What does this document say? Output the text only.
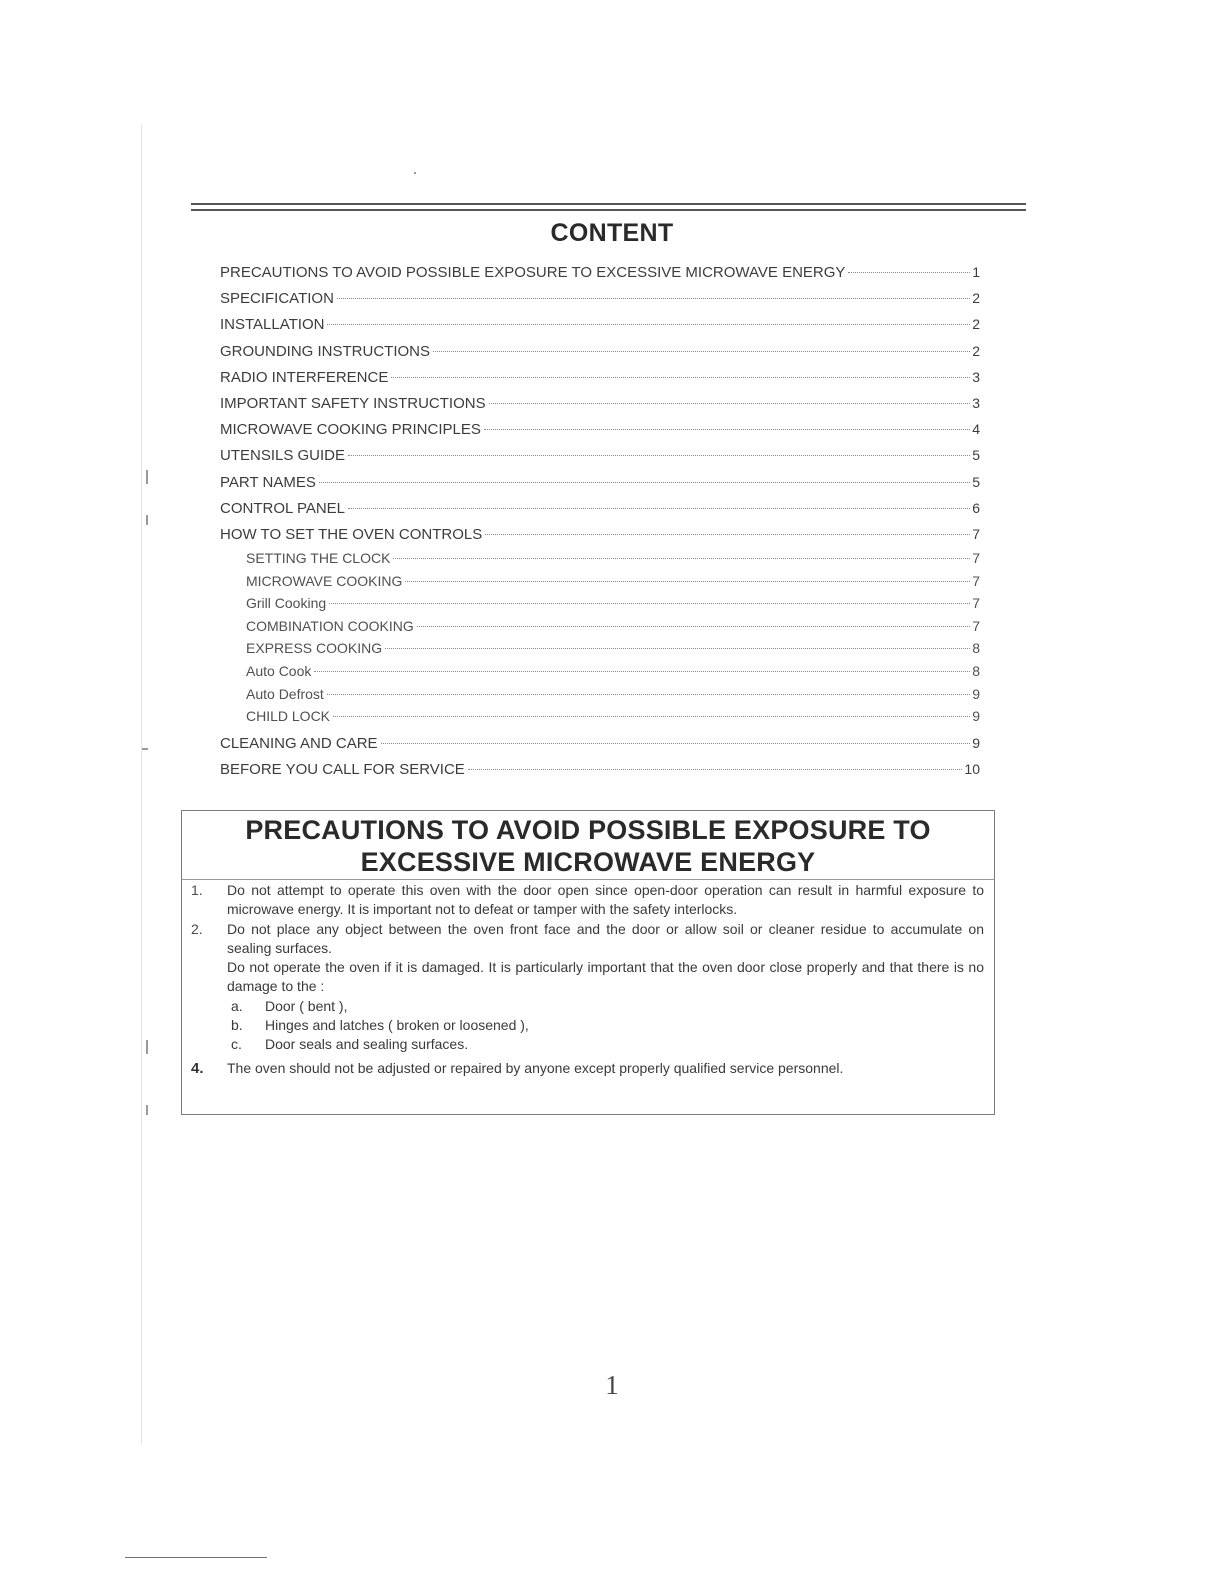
CONTENT
PRECAUTIONS TO AVOID POSSIBLE EXPOSURE TO EXCESSIVE MICROWAVE ENERGY	1
SPECIFICATION	2
INSTALLATION	2
GROUNDING INSTRUCTIONS	2
RADIO INTERFERENCE	3
IMPORTANT SAFETY INSTRUCTIONS	3
MICROWAVE COOKING PRINCIPLES	4
UTENSILS GUIDE	5
PART NAMES	5
CONTROL PANEL	6
HOW TO SET THE OVEN CONTROLS	7
SETTING THE CLOCK	7
MICROWAVE COOKING	7
Grill Cooking	7
COMBINATION COOKING	7
EXPRESS COOKING	8
Auto Cook	8
Auto Defrost	9
CHILD LOCK	9
CLEANING AND CARE	9
BEFORE YOU CALL FOR SERVICE	10
PRECAUTIONS TO AVOID POSSIBLE EXPOSURE TO
EXCESSIVE MICROWAVE ENERGY
1.	Do not attempt to operate this oven with the door open since open-door operation can result in harmful exposure to microwave energy. It is important not to defeat or tamper with the safety interlocks.

2.	Do not place any object between the oven front face and the door or allow soil or cleaner residue to accumulate on sealing surfaces.

Do not operate the oven if it is damaged. It is particularly important that the oven door close properly and that there is no damage to the :

a.	Door ( bent ),
b.	Hinges and latches ( broken or loosened ),
c.	Door seals and sealing surfaces.
4.	The oven should not be adjusted or repaired by anyone except properly qualified service personnel.

1
